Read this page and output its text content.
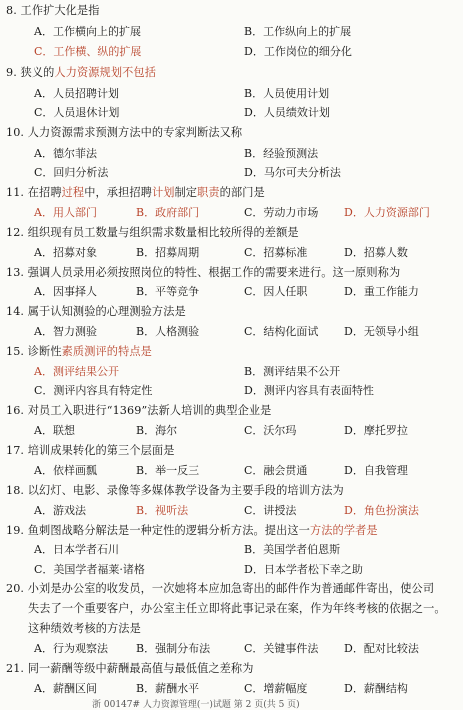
8. 工作扩大化是指
A．工作横向上的扩展	B．工作纵向上的扩展
C．工作横、纵的扩展	D．工作岗位的细分化
9. 狭义的人力资源规划不包括
A．人员招聘计划	B．人员使用计划
C．人员退休计划	D．人员绩效计划
10. 人力资源需求预测方法中的专家判断法又称
A．德尔菲法	B．经验预测法
C．回归分析法	D．马尔可夫分析法
11. 在招聘过程中，承担招聘计划制定职责的部门是
A．用人部门	B．政府部门	C．劳动力市场 D．人力资源部门
12. 组织现有员工数量与组织需求数量相比较所得的差额是
A．招募对象	B．招募周期	C．招募标准	D．招募人数
13. 强调人员录用必须按照岗位的特性、根据工作的需要来进行。这一原则称为
A．因事择人	B．平等竞争	C．因人任职	D．重工作能力
14. 属于认知测验的心理测验方法是
A．智力测验	B．人格测验	C．结构化面试 D．无领导小组
15. 诊断性素质测评的特点是
A．测评结果公开	B．测评结果不公开
C．测评内容具有特定性	D．测评内容具有表面特性
16. 对员工入职进行“1369”法新人培训的典型企业是
A．联想	B．海尔	C．沃尔玛	D．摩托罗拉
17. 培训成果转化的第三个层面是
A．依样画瓢	B．举一反三	C．融会贯通	D．自我管理
18. 以幻灯、电影、录像等多媒体教学设备为主要手段的培训方法为
A．游戏法	B．视听法	C．讲授法	D．角色扮演法
19. 鱼刺图战略分解法是一种定性的逻辑分析方法。提出这一方法的学者是
A．日本学者石川	B．美国学者伯恩斯
C．美国学者福莱·诸格	D．日本学者松下幸之助
20. 小刘是办公室的收发员，一次她将本应加急寄出的邮件作为普通邮件寄出，使公司
失去了一个重要客户，办公室主任立即将此事记录在案，作为年终考核的依据之一。
这种绩效考核的方法是
A．行为观察法	B．强制分布法	C．关键事件法 D．配对比较法
21. 同一薪酬等级中薪酬最高值与最低值之差称为
A．薪酬区间	B．薪酬水平	C．增薪幅度	D．薪酬结构
浙 00147# 人力资源管理(一)试题 第 2 页(共 5 页)
